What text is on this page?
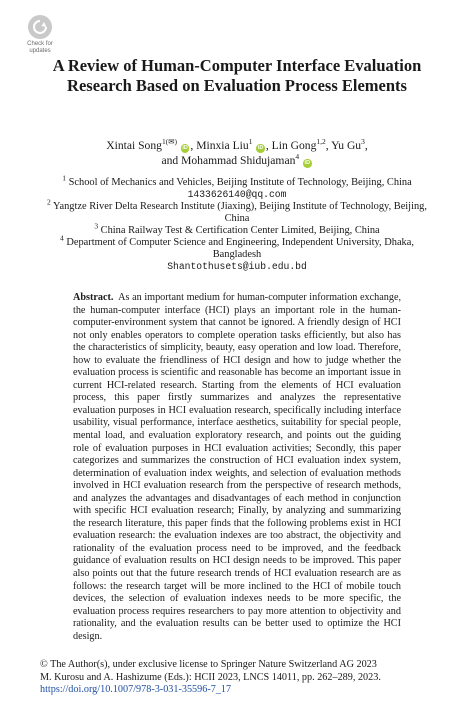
Check for
updates
A Review of Human-Computer Interface Evaluation Research Based on Evaluation Process Elements
Xintai Song$^{1(✉)}$ iD , Minxia Liu$^1$ iD , Lin Gong$^{1,2}$, Yu Gu$^3$,
and Mohammad Shidujaman$^4$ iD

$^1$ School of Mechanics and Vehicles, Beijing Institute of Technology, Beijing, China
1433626140@qq.com

$^2$ Yangtze River Delta Research Institute (Jiaxing), Beijing Institute of Technology, Beijing, China

$^3$ China Railway Test & Certification Center Limited, Beijing, China

$^4$ Department of Computer Science and Engineering, Independent University, Dhaka, Bangladesh
Shantothusets@iub.edu.bd

Abstract. As an important medium for human-computer information exchange, the human-computer interface (HCI) plays an important role in the human-computer-environment system that cannot be ignored. A friendly design of HCI not only enables operators to complete operation tasks efficiently, but also has the characteristics of simplicity, beauty, easy operation and low load. Therefore, how to evaluate the friendliness of HCI design and how to judge whether the evaluation process is scientific and reasonable has become an important issue in current HCI-related research. Starting from the elements of HCI evaluation process, this paper firstly summarizes and analyzes the representative evaluation purposes in HCI evaluation research, specifically including interface usability, visual performance, interface aesthetics, suitability for special people, mental load, and evaluation exploratory research, and points out the guiding role of evaluation purposes in HCI evaluation activities; Secondly, this paper categorizes and summarizes the construction of HCI evaluation index system, determination of evaluation index weights, and selection of evaluation methods involved in HCI evaluation research from the perspective of research methods, and analyzes the advantages and disadvantages of each method in conjunction with specific HCI evaluation research; Finally, by analyzing and summarizing the research literature, this paper finds that the following problems exist in HCI evaluation research: the evaluation indexes are too abstract, the objectivity and rationality of the evaluation process need to be improved, and the feedback guidance of evaluation results on HCI design needs to be improved. This paper also points out that the future research trends of HCI evaluation research are as follows: the research target will be more inclined to the HCI of mobile touch devices, the selection of evaluation indexes needs to be more specific, the evaluation process requires researchers to pay more attention to objectivity and rationality, and the evaluation results can be better used to optimize the HCI design.

© The Author(s), under exclusive license to Springer Nature Switzerland AG 2023
M. Kurosu and A. Hashizume (Eds.): HCII 2023, LNCS 14011, pp. 262–289, 2023.
https://doi.org/10.1007/978-3-031-35596-7_17
